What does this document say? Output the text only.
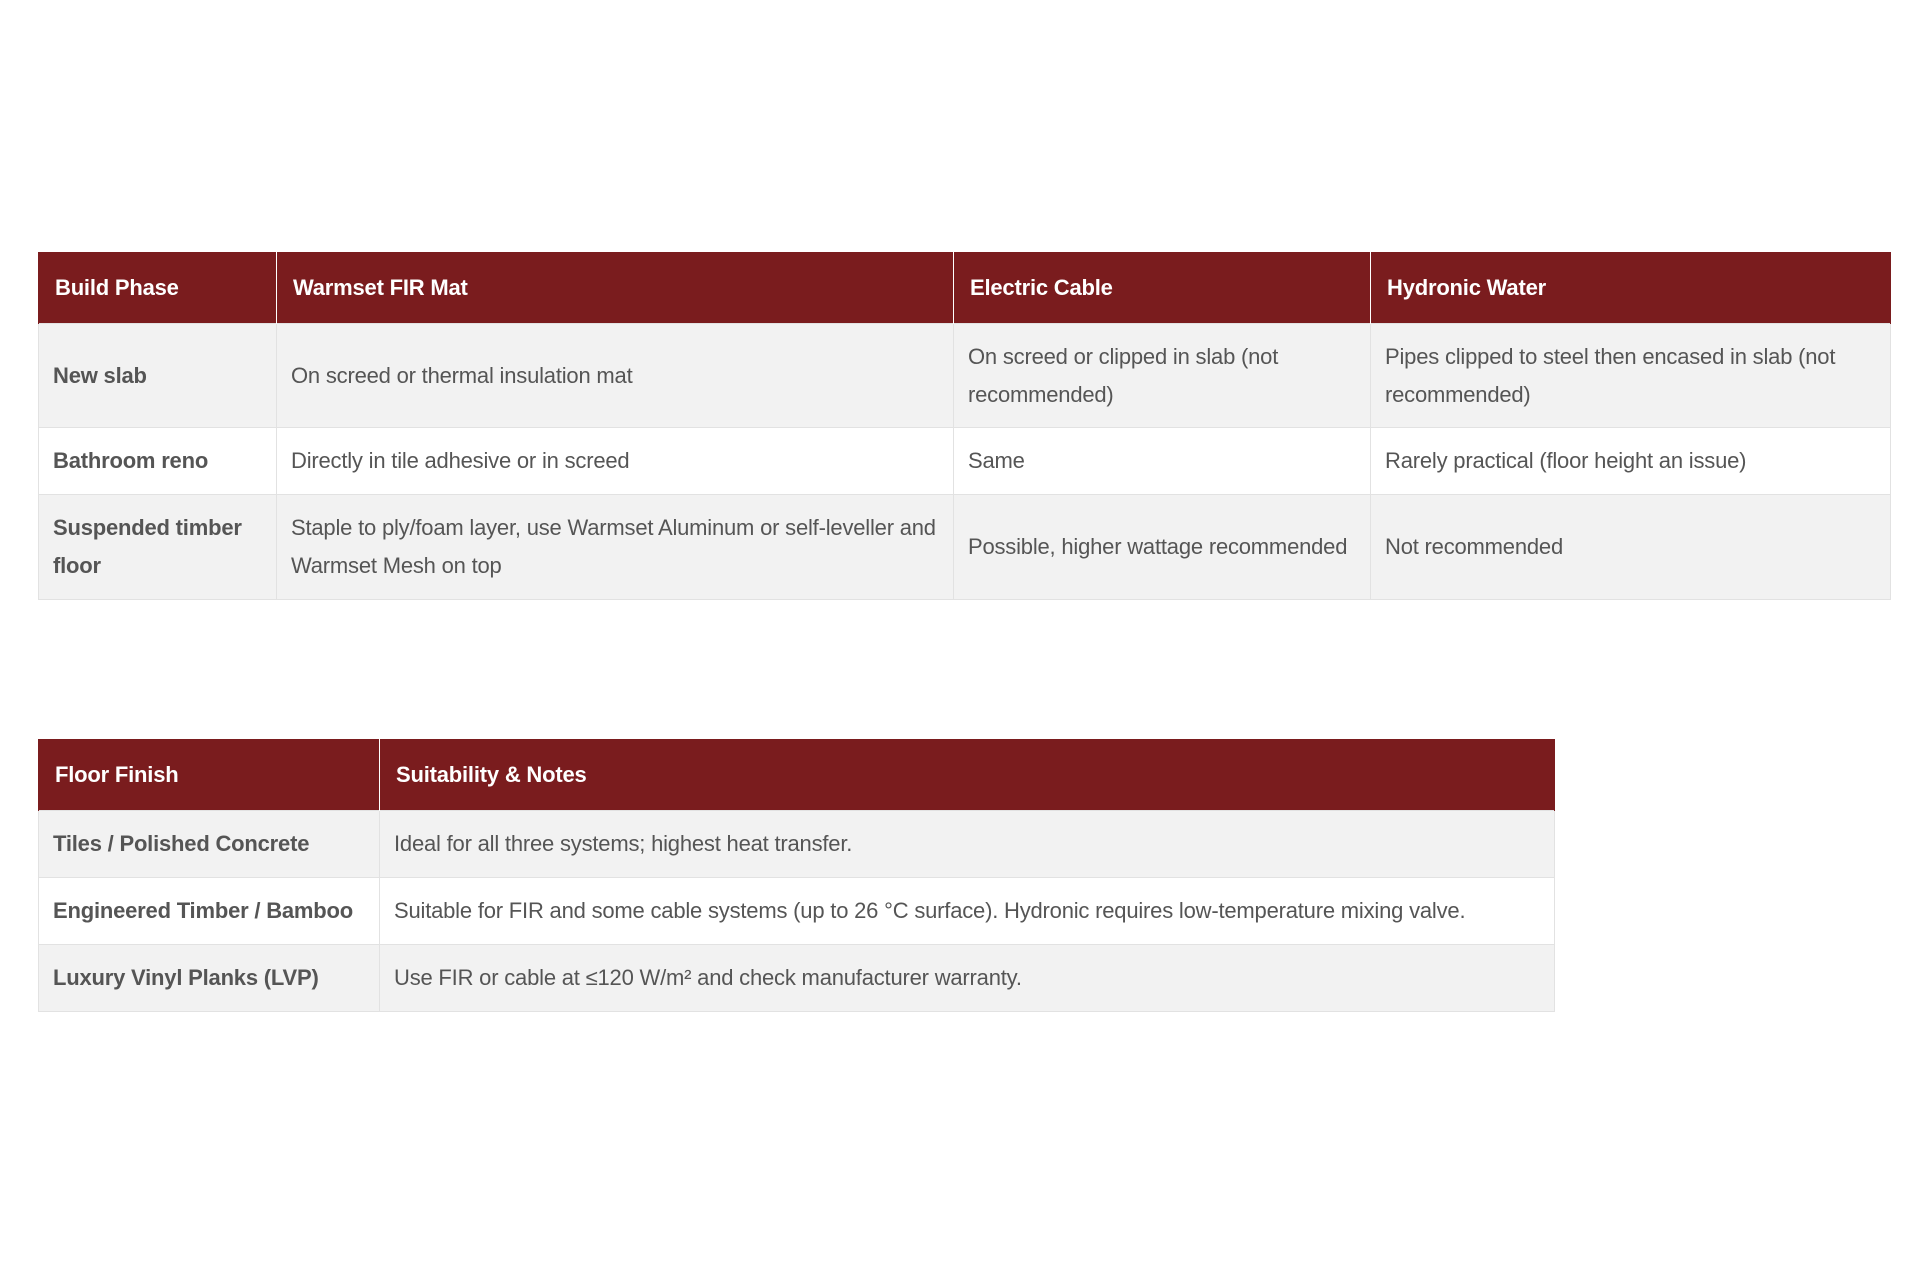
Build Phase	Warmset FIR Mat	Electric Cable	Hydronic Water
New slab	On screed or thermal insulation mat	On screed or clipped in slab (not recommended)	Pipes clipped to steel then encased in slab (not recommended)
Bathroom reno	Directly in tile adhesive or in screed	Same	Rarely practical (floor height an issue)
Suspended timber floor	Staple to ply/foam layer, use Warmset Aluminum or self-leveller and Warmset Mesh on top	Possible, higher wattage recommended	Not recommended
Floor Finish	Suitability & Notes
Tiles / Polished Concrete	Ideal for all three systems; highest heat transfer.
Engineered Timber / Bamboo	Suitable for FIR and some cable systems (up to 26 °C surface). Hydronic requires low-temperature mixing valve.
Luxury Vinyl Planks (LVP)	Use FIR or cable at ≤120 W/m² and check manufacturer warranty.
